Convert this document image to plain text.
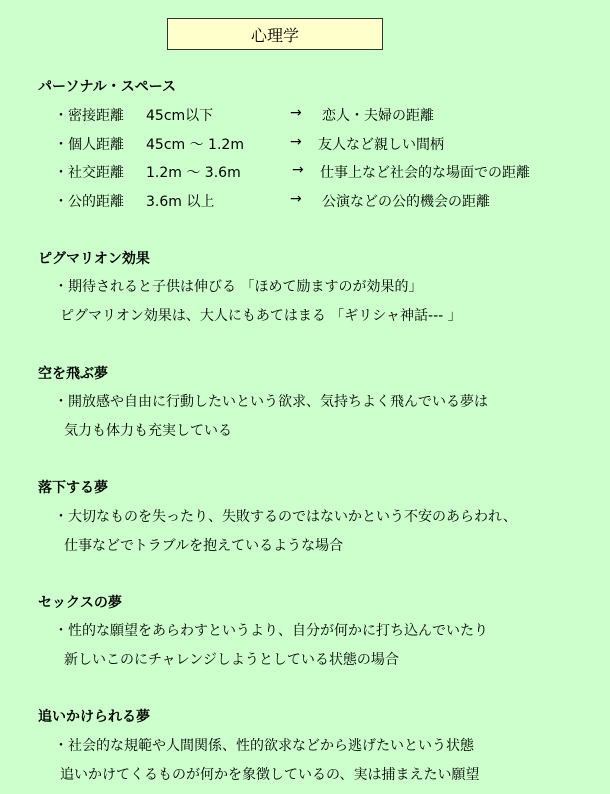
心理学
パーソナル・スペース
・密接距離 45cm以下	→ 恋人・夫婦の距離
・個人距離 45cm 〜 1.2m	→ 友人など親しい間柄
・社交距離 1.2m 〜 3.6m	→ 仕事上など社会的な場面での距離
・公的距離 3.6m 以上	→ 公演などの公的機会の距離
ピグマリオン効果
・期待されると子供は伸びる 「ほめて励ますのが効果的」
ピグマリオン効果は、大人にもあてはまる 「ギリシャ神話--- 」
空を飛ぶ夢
・開放感や自由に行動したいという欲求、気持ちよく飛んでいる夢は
気力も体力も充実している
落下する夢
・大切なものを失ったり、失敗するのではないかという不安のあらわれ、
仕事などでトラブルを抱えているような場合
セックスの夢
・性的な願望をあらわすというより、自分が何かに打ち込んでいたり
新しいこのにチャレンジしようとしている状態の場合
追いかけられる夢
・社会的な規範や人間関係、性的欲求などから逃げたいという状態
追いかけてくるものが何かを象徴しているの、実は捕まえたい願望
